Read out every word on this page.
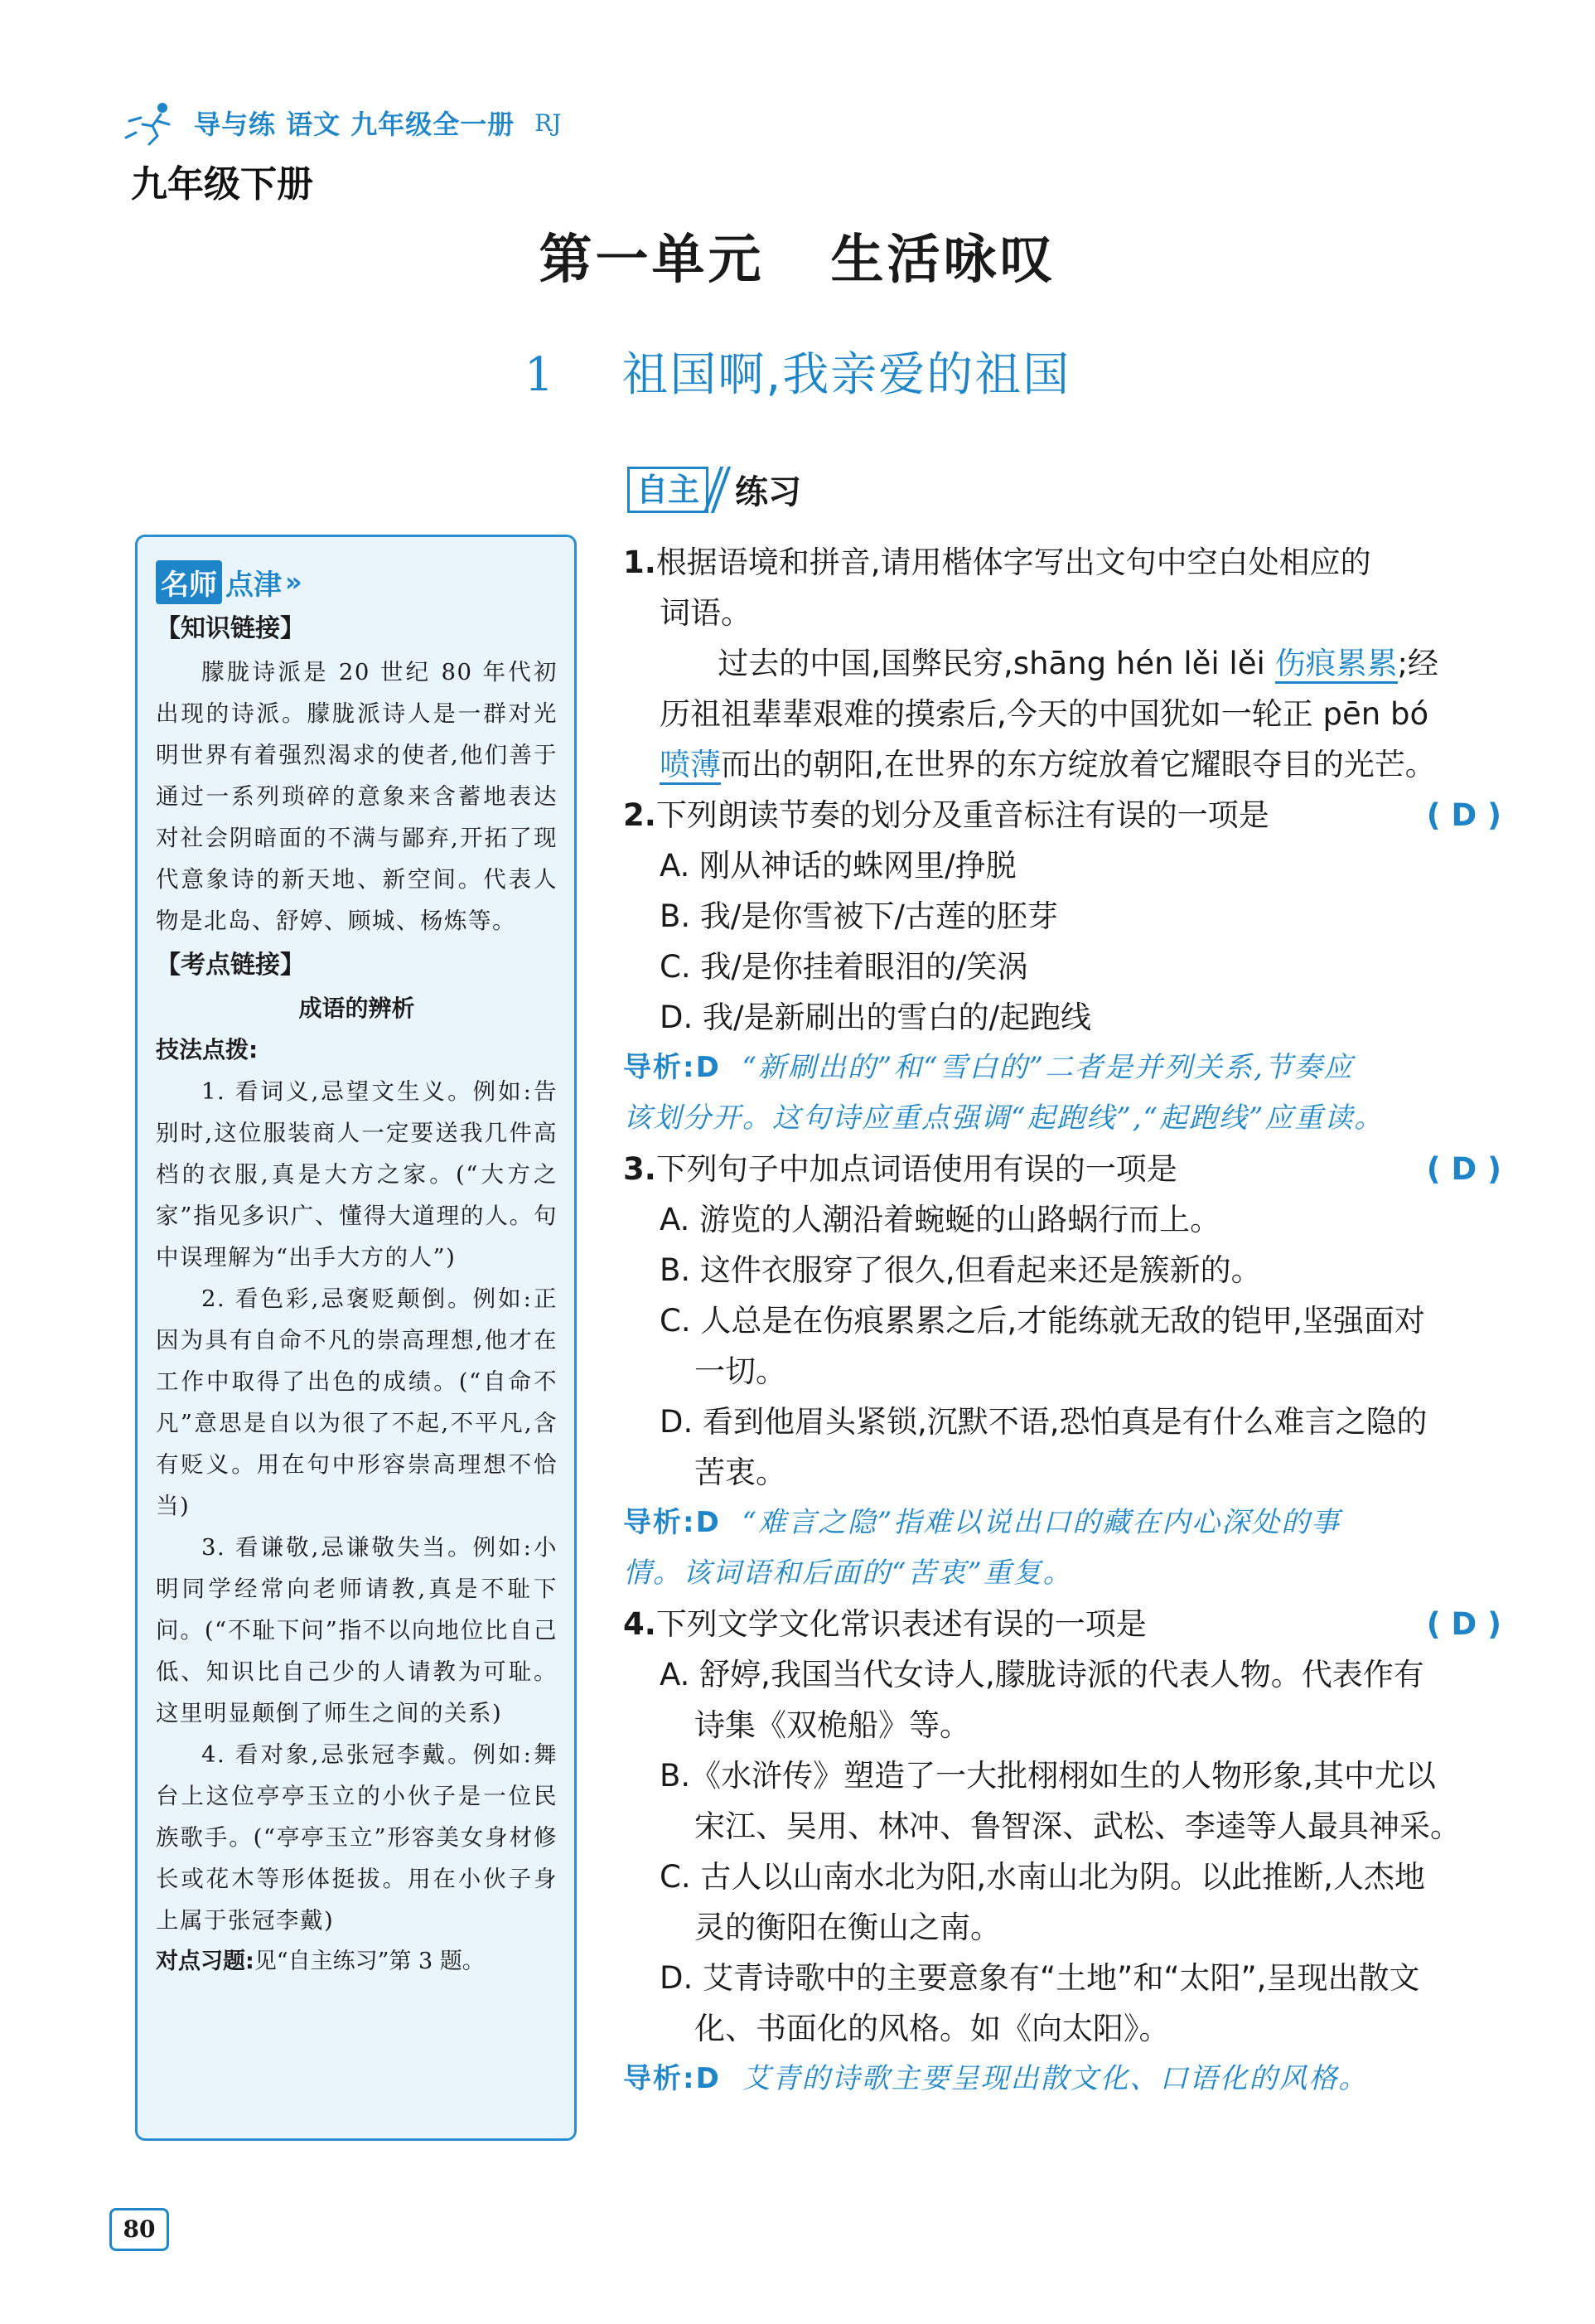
导与练 语文 九年级全一册 RJ
九年级下册
第一单元 生活咏叹
1 祖国啊,我亲爱的祖国
名师 点津 »
【知识链接】

朦胧诗派是 20 世纪 80 年代初出现的诗派。朦胧派诗人是一群对光明世界有着强烈渴求的使者,他们善于通过一系列琐碎的意象来含蓄地表达对社会阴暗面的不满与鄙弃,开拓了现代意象诗的新天地、新空间。代表人物是北岛、舒婷、顾城、杨炼等。

【考点链接】
成语的辨析
技法点拨:

1. 看词义,忌望文生义。例如:告别时,这位服装商人一定要送我几件高档的衣服,真是大方之家。(“大方之家”指见多识广、懂得大道理的人。句中误理解为“出手大方的人”)

2. 看色彩,忌褒贬颠倒。例如:正因为具有自命不凡的崇高理想,他才在工作中取得了出色的成绩。(“自命不凡”意思是自以为很了不起,不平凡,含有贬义。用在句中形容崇高理想不恰当)

3. 看谦敬,忌谦敬失当。例如:小明同学经常向老师请教,真是不耻下问。(“不耻下问”指不以向地位比自己低、知识比自己少的人请教为可耻。这里明显颠倒了师生之间的关系)

4. 看对象,忌张冠李戴。例如:舞台上这位亭亭玉立的小伙子是一位民族歌手。(“亭亭玉立”形容美女身材修长或花木等形体挺拔。用在小伙子身上属于张冠李戴)

对点习题:见“自主练习”第 3 题。
自主 练习
1.根据语境和拼音,请用楷体字写出文句中空白处相应的
词语。
过去的中国,国弊民穷,shāng hén lěi lěi 伤痕累累;经
历祖祖辈辈艰难的摸索后,今天的中国犹如一轮正 pēn bó
喷薄而出的朝阳,在世界的东方绽放着它耀眼夺目的光芒。
2.下列朗读节奏的划分及重音标注有误的一项是	( D )
A. 刚从神话的蛛网里/挣脱
B. 我/是你雪被下/古莲的胚芽
C. 我/是你挂着眼泪的/笑涡
D. 我/是新刷出的雪白的/起跑线
导析:D “新刷出的”和“雪白的”二者是并列关系,节奏应
该划分开。这句诗应重点强调“起跑线”,“起跑线”应重读。
3.下列句子中加点词语使用有误的一项是	( D )
A. 游览的人潮沿着蜿蜒的山路蜗行而上。
B. 这件衣服穿了很久,但看起来还是簇新的。
C. 人总是在伤痕累累之后,才能练就无敌的铠甲,坚强面对
一切。
D. 看到他眉头紧锁,沉默不语,恐怕真是有什么难言之隐的
苦衷。
导析:D “难言之隐”指难以说出口的藏在内心深处的事
情。该词语和后面的“苦衷”重复。
4.下列文学文化常识表述有误的一项是	( D )
A. 舒婷,我国当代女诗人,朦胧诗派的代表人物。代表作有
诗集《双桅船》等。
B.《水浒传》塑造了一大批栩栩如生的人物形象,其中尤以
宋江、吴用、林冲、鲁智深、武松、李逵等人最具神采。
C. 古人以山南水北为阳,水南山北为阴。以此推断,人杰地
灵的衡阳在衡山之南。
D. 艾青诗歌中的主要意象有“土地”和“太阳”,呈现出散文
化、书面化的风格。如《向太阳》。
导析:D 艾青的诗歌主要呈现出散文化、口语化的风格。
80
